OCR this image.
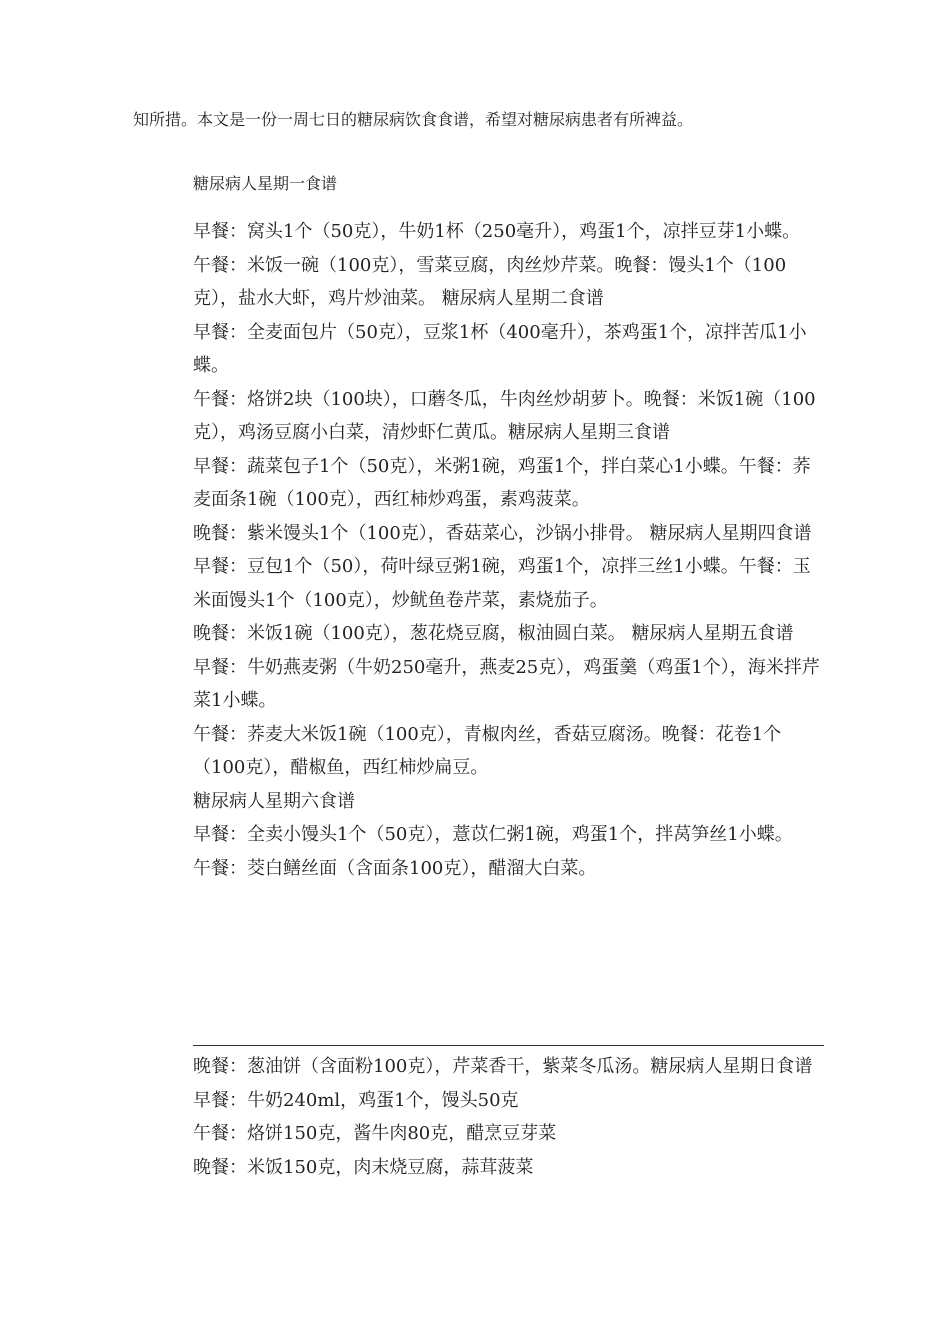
知所措。本文是一份一周七日的糖尿病饮食食谱，希望对糖尿病患者有所裨益。
糖尿病人星期一食谱

早餐：窝头1个（50克），牛奶1杯（250毫升），鸡蛋1个，凉拌豆芽1小蝶。

午餐：米饭一碗（100克），雪菜豆腐，肉丝炒芹菜。晚餐：馒头1个（100克），盐水大虾，鸡片炒油菜。 糖尿病人星期二食谱

早餐：全麦面包片（50克），豆浆1杯（400毫升），茶鸡蛋1个，凉拌苦瓜1小蝶。

午餐：烙饼2块（100块），口蘑冬瓜，牛肉丝炒胡萝卜。晚餐：米饭1碗（100克），鸡汤豆腐小白菜，清炒虾仁黄瓜。糖尿病人星期三食谱

早餐：蔬菜包子1个（50克），米粥1碗，鸡蛋1个，拌白菜心1小蝶。午餐：荞麦面条1碗（100克），西红柿炒鸡蛋，素鸡菠菜。

晚餐：紫米馒头1个（100克），香菇菜心，沙锅小排骨。 糖尿病人星期四食谱

早餐：豆包1个（50），荷叶绿豆粥1碗，鸡蛋1个，凉拌三丝1小蝶。午餐：玉米面馒头1个（100克），炒鱿鱼卷芹菜，素烧茄子。

晚餐：米饭1碗（100克），葱花烧豆腐，椒油圆白菜。 糖尿病人星期五食谱

早餐：牛奶燕麦粥（牛奶250毫升，燕麦25克），鸡蛋羹（鸡蛋1个），海米拌芹菜1小蝶。

午餐：荞麦大米饭1碗（100克），青椒肉丝，香菇豆腐汤。晚餐：花卷1个（100克），醋椒鱼，西红柿炒扁豆。

糖尿病人星期六食谱

早餐：全卖小馒头1个（50克），薏苡仁粥1碗，鸡蛋1个，拌莴笋丝1小蝶。

午餐：茭白鳝丝面（含面条100克），醋溜大白菜。

晚餐：葱油饼（含面粉100克），芹菜香干，紫菜冬瓜汤。糖尿病人星期日食谱

早餐：牛奶240ml，鸡蛋1个，馒头50克

午餐：烙饼150克，酱牛肉80克，醋烹豆芽菜

晚餐：米饭150克，肉末烧豆腐，蒜茸菠菜
